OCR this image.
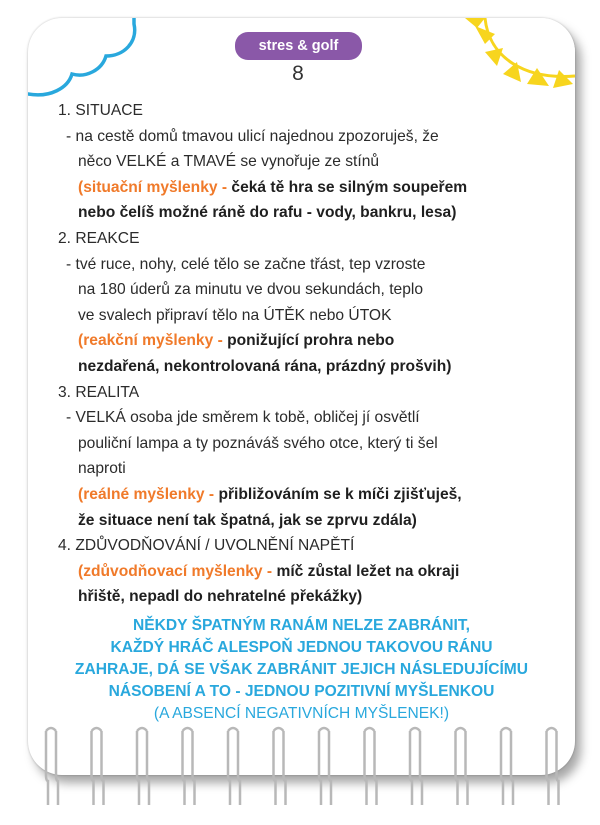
stres & golf
8

1. SITUACE

- na cestě domů tmavou ulicí najednou zpozoruješ, že

něco VELKÉ a TMAVÉ se vynořuje ze stínů

(situační myšlenky - čeká tě hra se silným soupeřem

nebo čelíš možné ráně do rafu - vody, bankru, lesa)

2. REAKCE

- tvé ruce, nohy, celé tělo se začne třást, tep vzroste

na 180 úderů za minutu ve dvou sekundách, teplo

ve svalech připraví tělo na ÚTĚK nebo ÚTOK

(reakční myšlenky - ponižující prohra nebo

nezdařená, nekontrolovaná rána, prázdný prošvih)

3. REALITA

- VELKÁ osoba jde směrem k tobě, obličej jí osvětlí

pouliční lampa a ty poznáváš svého otce, který ti šel

naproti

(reálné myšlenky - přibližováním se k míči zjišťuješ,

že situace není tak špatná, jak se zprvu zdála)

4. ZDŮVODŇOVÁNÍ / UVOLNĚNÍ NAPĚTÍ

(zdůvodňovací myšlenky - míč zůstal ležet na okraji

hřiště, nepadl do nehratelné překážky)

NĚKDY ŠPATNÝM RANÁM NELZE ZABRÁNIT,

KAŽDÝ HRÁČ ALESPOŇ JEDNOU TAKOVOU RÁNU

ZAHRAJE, DÁ SE VŠAK ZABRÁNIT JEJICH NÁSLEDUJÍCÍMU

NÁSOBENÍ A TO - JEDNOU POZITIVNÍ MYŠLENKOU

(A ABSENCÍ NEGATIVNÍCH MYŠLENEK!)
